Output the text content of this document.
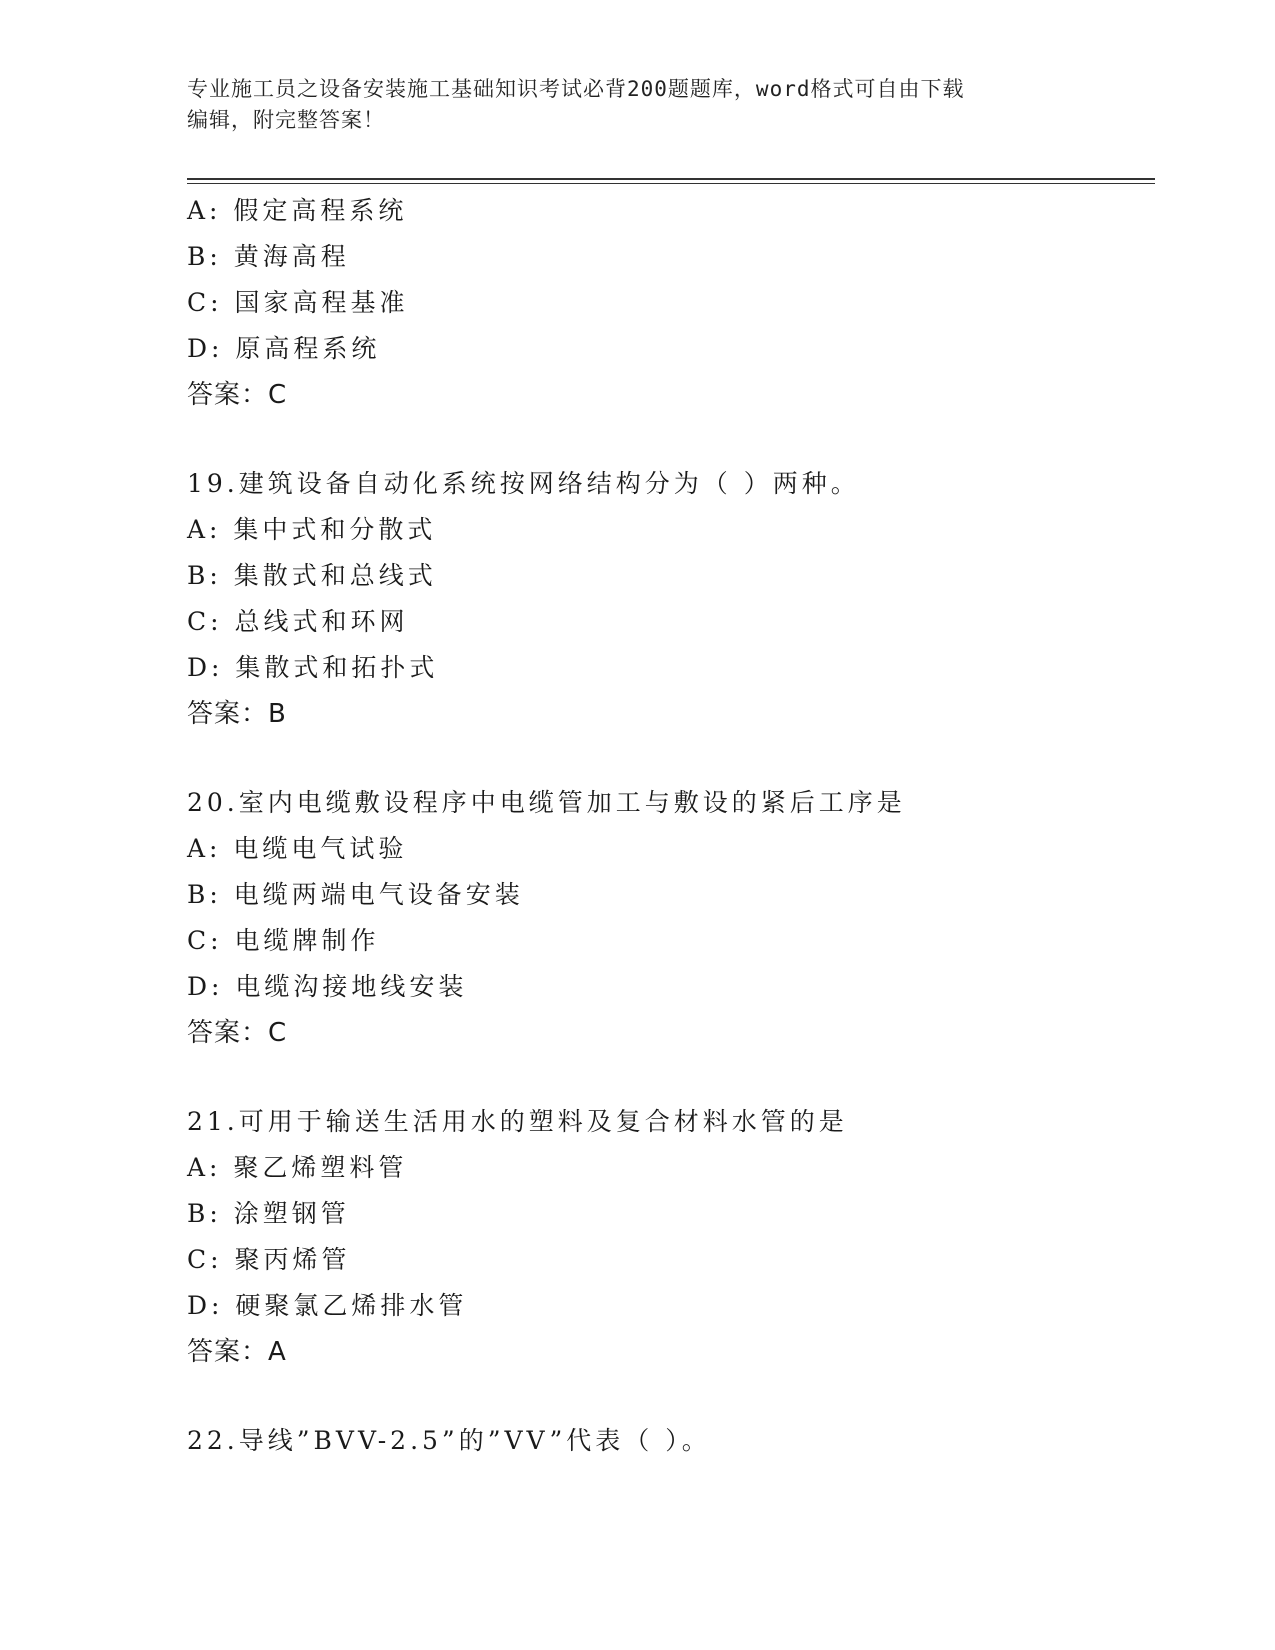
专业施工员之设备安装施工基础知识考试必背200题题库，word格式可自由下载
编辑，附完整答案！
A: 假定高程系统
B: 黄海高程
C: 国家高程基准
D: 原高程系统
答案：C
19.建筑设备自动化系统按网络结构分为（ ）两种。
A: 集中式和分散式
B: 集散式和总线式
C: 总线式和环网
D: 集散式和拓扑式
答案：B
20.室内电缆敷设程序中电缆管加工与敷设的紧后工序是
A: 电缆电气试验
B: 电缆两端电气设备安装
C: 电缆牌制作
D: 电缆沟接地线安装
答案：C
21.可用于输送生活用水的塑料及复合材料水管的是
A: 聚乙烯塑料管
B: 涂塑钢管
C: 聚丙烯管
D: 硬聚氯乙烯排水管
答案：A
22.导线”BVV-2.5”的”VV”代表（ ）。
